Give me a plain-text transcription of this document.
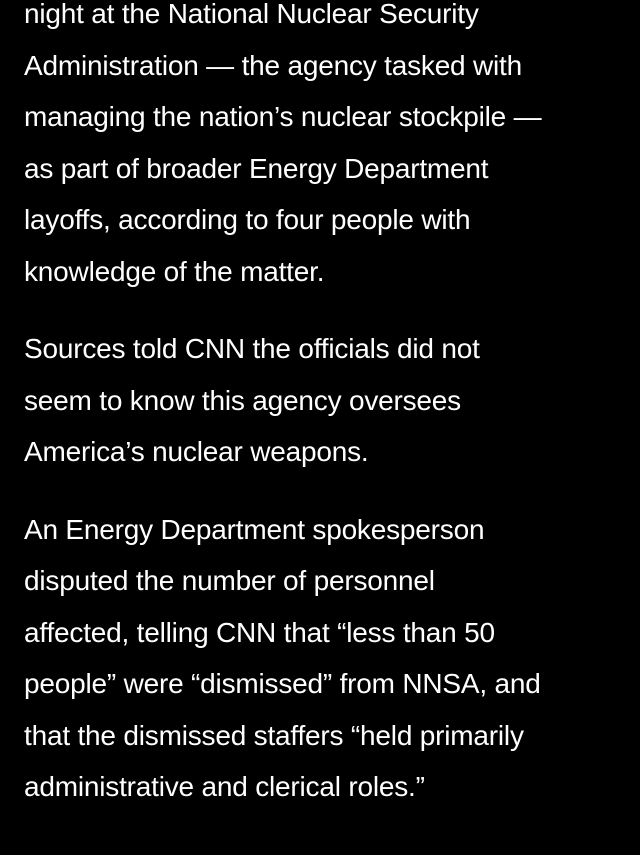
night at the National Nuclear Security
Administration — the agency tasked with
managing the nation’s nuclear stockpile —
as part of broader Energy Department
layoffs, according to four people with
knowledge of the matter.

Sources told CNN the officials did not
seem to know this agency oversees
America’s nuclear weapons.

An Energy Department spokesperson
disputed the number of personnel
affected, telling CNN that “less than 50
people” were “dismissed” from NNSA, and
that the dismissed staffers “held primarily
administrative and clerical roles.”
